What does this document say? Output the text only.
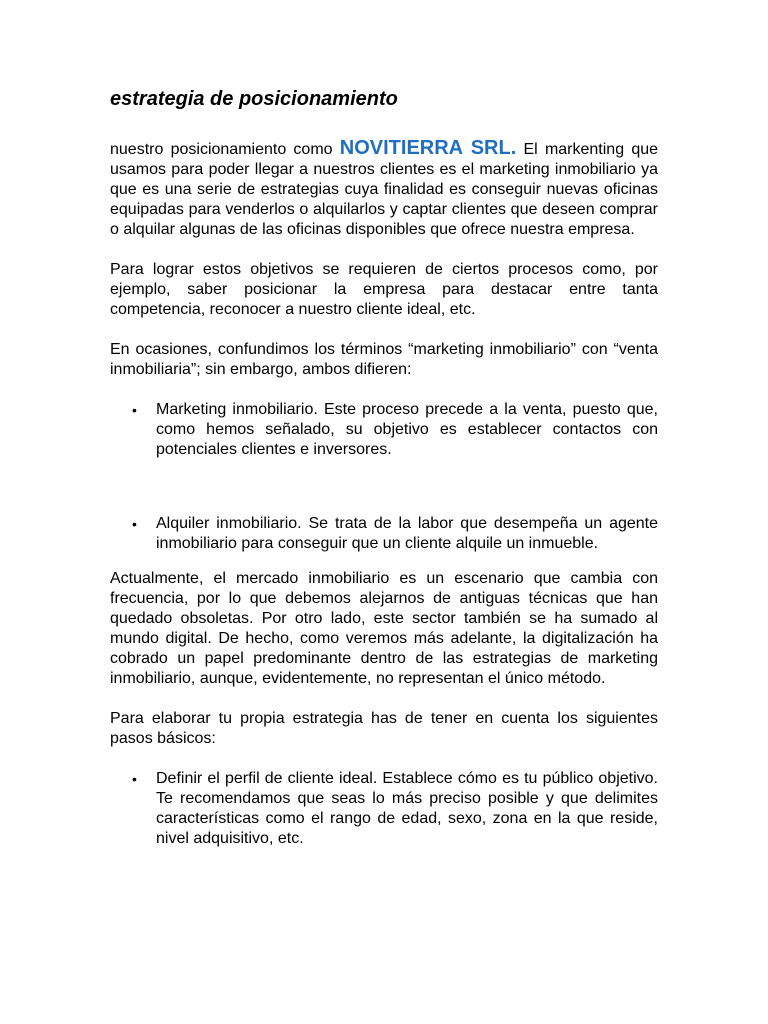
estrategia de posicionamiento

nuestro posicionamiento como NOVITIERRA SRL. El markenting que usamos para poder llegar a nuestros clientes es el marketing inmobiliario ya que es una serie de estrategias cuya finalidad es conseguir nuevas oficinas equipadas para venderlos o alquilarlos y captar clientes que deseen comprar o alquilar algunas de las oficinas disponibles que ofrece nuestra empresa.

Para lograr estos objetivos se requieren de ciertos procesos como, por ejemplo, saber posicionar la empresa para destacar entre tanta competencia, reconocer a nuestro cliente ideal, etc.

En ocasiones, confundimos los términos “marketing inmobiliario” con “venta inmobiliaria”; sin embargo, ambos difieren:

• Marketing inmobiliario. Este proceso precede a la venta, puesto que, como hemos señalado, su objetivo es establecer contactos con potenciales clientes e inversores.
• Alquiler inmobiliario. Se trata de la labor que desempeña un agente inmobiliario para conseguir que un cliente alquile un inmueble.

Actualmente, el mercado inmobiliario es un escenario que cambia con frecuencia, por lo que debemos alejarnos de antiguas técnicas que han quedado obsoletas. Por otro lado, este sector también se ha sumado al mundo digital. De hecho, como veremos más adelante, la digitalización ha cobrado un papel predominante dentro de las estrategias de marketing inmobiliario, aunque, evidentemente, no representan el único método.

Para elaborar tu propia estrategia has de tener en cuenta los siguientes pasos básicos:

• Definir el perfil de cliente ideal. Establece cómo es tu público objetivo. Te recomendamos que seas lo más preciso posible y que delimites características como el rango de edad, sexo, zona en la que reside, nivel adquisitivo, etc.
